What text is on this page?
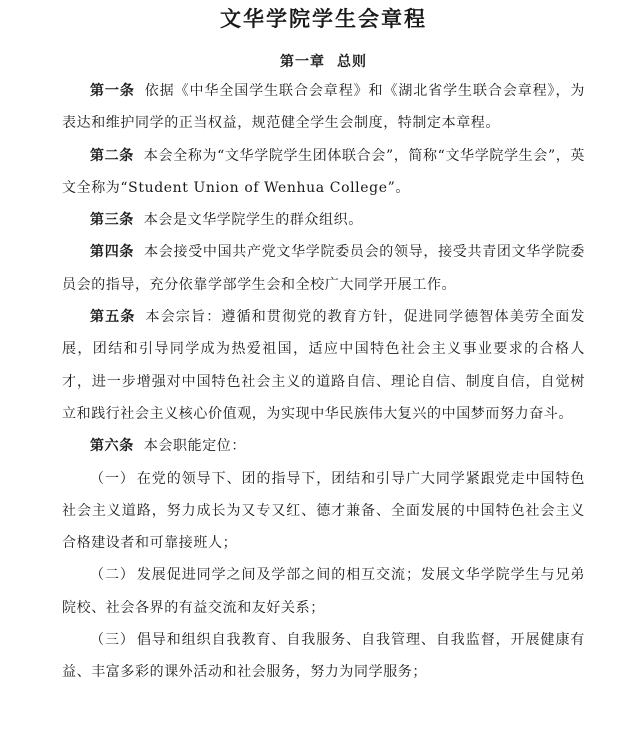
文华学院学生会章程
第一章 总则

第一条 依据《中华全国学生联合会章程》和《湖北省学生联合会章程》，为表达和维护同学的正当权益，规范健全学生会制度，特制定本章程。

第二条 本会全称为“文华学院学生团体联合会”，简称“文华学院学生会”，英文全称为“Student Union of Wenhua College”。

第三条 本会是文华学院学生的群众组织。

第四条 本会接受中国共产党文华学院委员会的领导，接受共青团文华学院委员会的指导，充分依靠学部学生会和全校广大同学开展工作。

第五条 本会宗旨：遵循和贯彻党的教育方针，促进同学德智体美劳全面发展，团结和引导同学成为热爱祖国，适应中国特色社会主义事业要求的合格人才，进一步增强对中国特色社会主义的道路自信、理论自信、制度自信，自觉树立和践行社会主义核心价值观，为实现中华民族伟大复兴的中国梦而努力奋斗。

第六条 本会职能定位：

（一） 在党的领导下、团的指导下，团结和引导广大同学紧跟党走中国特色社会主义道路，努力成长为又专又红、德才兼备、全面发展的中国特色社会主义合格建设者和可靠接班人；

（二） 发展促进同学之间及学部之间的相互交流；发展文华学院学生与兄弟院校、社会各界的有益交流和友好关系；

（三） 倡导和组织自我教育、自我服务、自我管理、自我监督，开展健康有益、丰富多彩的课外活动和社会服务，努力为同学服务；
